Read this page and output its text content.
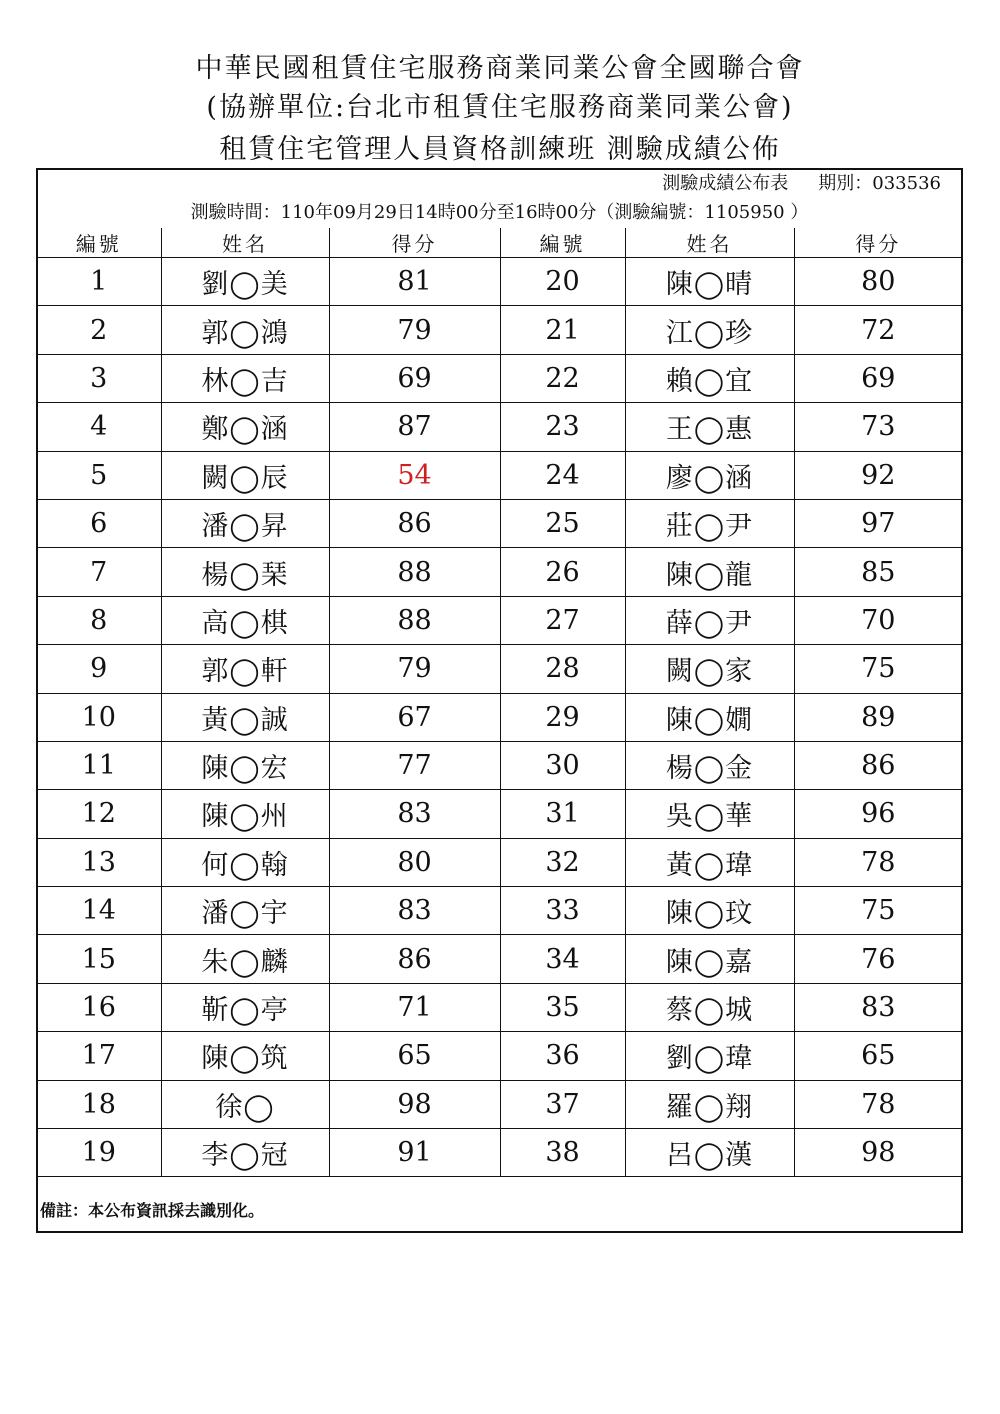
中華民國租賃住宅服務商業同業公會全國聯合會
(協辦單位:台北市租賃住宅服務商業同業公會)
租賃住宅管理人員資格訓練班 測驗成績公佈
測驗成績公布表 期別：033536
測驗時間：110年09月29日14時00分至16時00分（測驗編號：1105950 ）
編號	姓名	得分	編號	姓名	得分
1	劉◯美	81	20	陳◯晴	80
2	郭◯鴻	79	21	江◯珍	72
3	林◯吉	69	22	賴◯宜	69
4	鄭◯涵	87	23	王◯惠	73
5	闕◯辰	54	24	廖◯涵	92
6	潘◯昇	86	25	莊◯尹	97
7	楊◯琹	88	26	陳◯龍	85
8	高◯棋	88	27	薛◯尹	70
9	郭◯軒	79	28	闕◯家	75
10	黃◯誠	67	29	陳◯嫺	89
11	陳◯宏	77	30	楊◯金	86
12	陳◯州	83	31	吳◯華	96
13	何◯翰	80	32	黃◯瑋	78
14	潘◯宇	83	33	陳◯玟	75
15	朱◯麟	86	34	陳◯嘉	76
16	靳◯亭	71	35	蔡◯城	83
17	陳◯筑	65	36	劉◯瑋	65
18	徐◯	98	37	羅◯翔	78
19	李◯冠	91	38	呂◯漢	98
備註：本公布資訊採去識別化。
